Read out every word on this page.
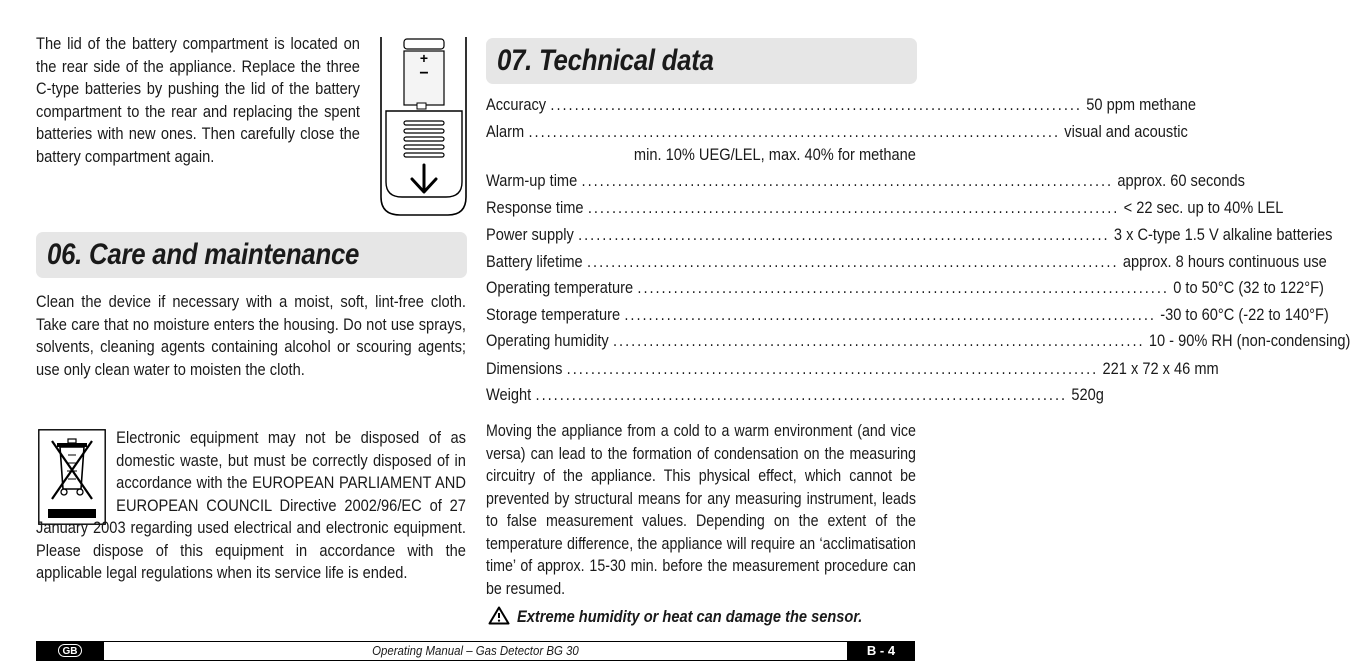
The lid of the battery compartment is located on the rear side of the appliance. Replace the three C-type batteries by pushing the lid of the battery compartment to the rear and replacing the spent batteries with new ones. Then carefully close the battery compartment again.
+
−
06. Care and maintenance
Clean the device if necessary with a moist, soft, lint-free cloth. Take care that no moisture enters the housing. Do not use sprays, solvents, cleaning agents containing alcohol or scouring agents; use only clean water to moisten the cloth.
Electronic equipment may not be disposed of as domestic waste, but must be correctly disposed of in accordance with the EUROPEAN PARLIAMENT AND EUROPEAN COUNCIL Directive 2002/96/EC of 27 January 2003 regarding used electrical and electronic equipment. Please dispose of this equipment in accordance with the applicable legal regulations when its service life is ended.
07. Technical data
Accuracy ........................................................................................ 50 ppm methane
Alarm ........................................................................................ visual and acoustic
min. 10% UEG/LEL, max. 40% for methane
Warm-up time ........................................................................................ approx. 60 seconds
Response time ........................................................................................ < 22 sec. up to 40% LEL
Power supply ........................................................................................ 3 x C-type 1.5 V alkaline batteries
Battery lifetime ........................................................................................ approx. 8 hours continuous use
Operating temperature ........................................................................................ 0 to 50°C (32 to 122°F)
Storage temperature ........................................................................................ -30 to 60°C (-22 to 140°F)
Operating humidity ........................................................................................ 10 - 90% RH (non-condensing)
Dimensions ........................................................................................ 221 x 72 x 46 mm
Weight ........................................................................................ 520g
Moving the appliance from a cold to a warm environment (and vice versa) can lead to the formation of condensation on the measuring circuitry of the appliance. This physical effect, which cannot be prevented by structural means for any measuring instrument, leads to false measurement values. Depending on the extent of the temperature difference, the appliance will require an ‘acclimatisation time’ of approx. 15-30 min. before the measurement procedure can be resumed.
Extreme humidity or heat can damage the sensor.
GB	Operating Manual – Gas Detector BG 30	B - 4
